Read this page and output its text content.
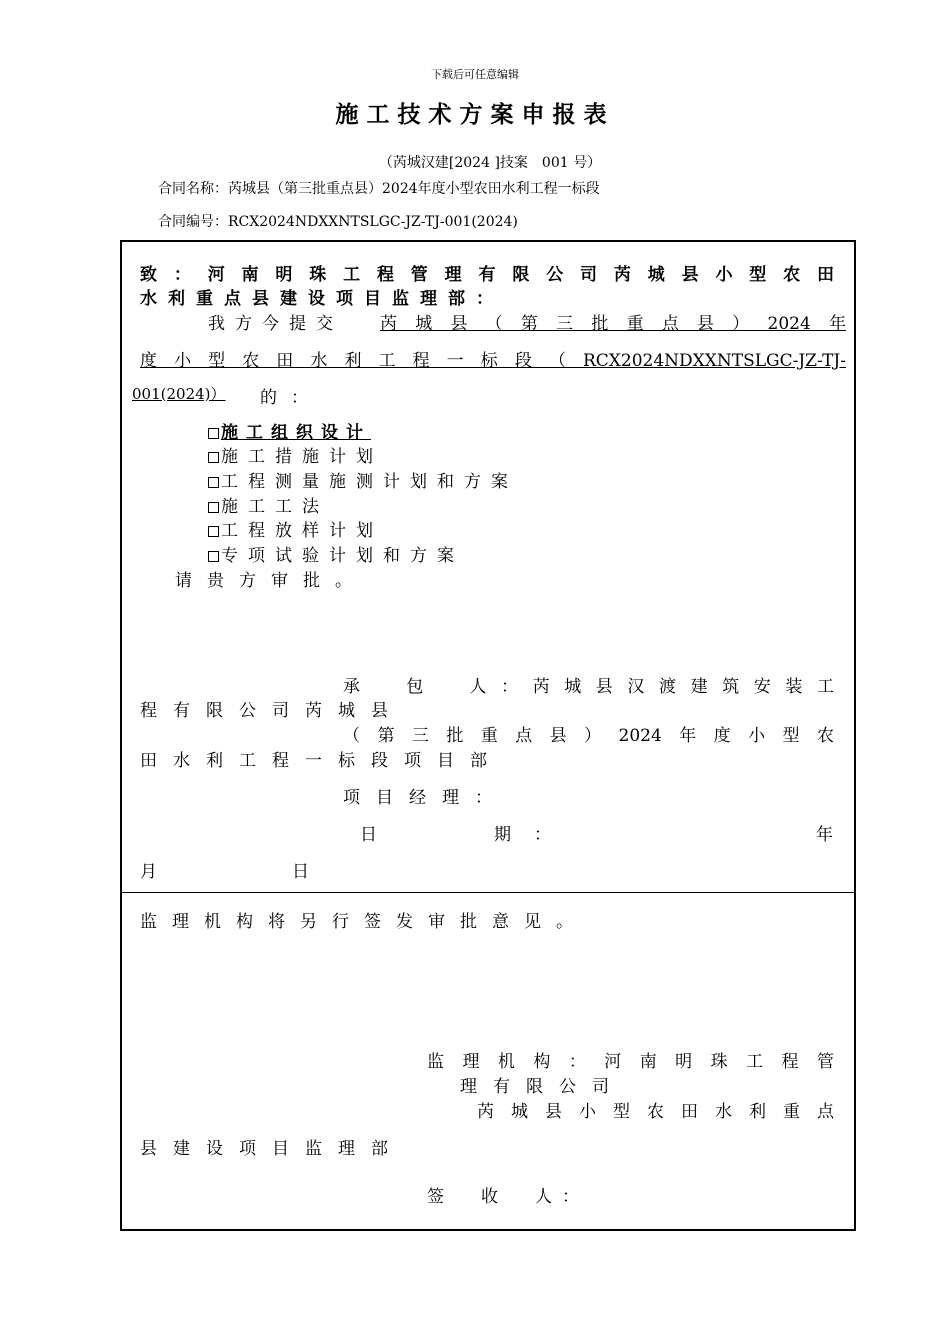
下载后可任意编辑
施工技术方案申报表
（芮城汉建[2024 ]技案　001 号）
合同名称：芮城县（第三批重点县）2024年度小型农田水利工程一标段
合同编号：RCX2024NDXXNTSLGC-JZ-TJ-001(2024)
致：河南明珠工程管理有限公司芮城县小型农田
水利重点县建设项目监理部：
我方今提交 芮城县（第三批重点县）2024年
度小型农田水利工程一标段（RCX2024NDXXNTSLGC-JZ-TJ-
001(2024)）	的：
施工组织设计
施工措施计划
工程测量施测计划和方案
施工工法
工程放样计划
专项试验计划和方案
请贵方审批。
承　包　人：芮城县汉渡建筑安装工
程有限公司芮城县
（第三批重点县）2024年度小型农
田水利工程一标段项目部
项目经理：
日	期 ：	年
月	日
监理机构将另行签发审批意见。
监理机构：河南明珠工程管
理有限公司
芮城县小型农田水利重点
县建设项目监理部
签　收　人：
